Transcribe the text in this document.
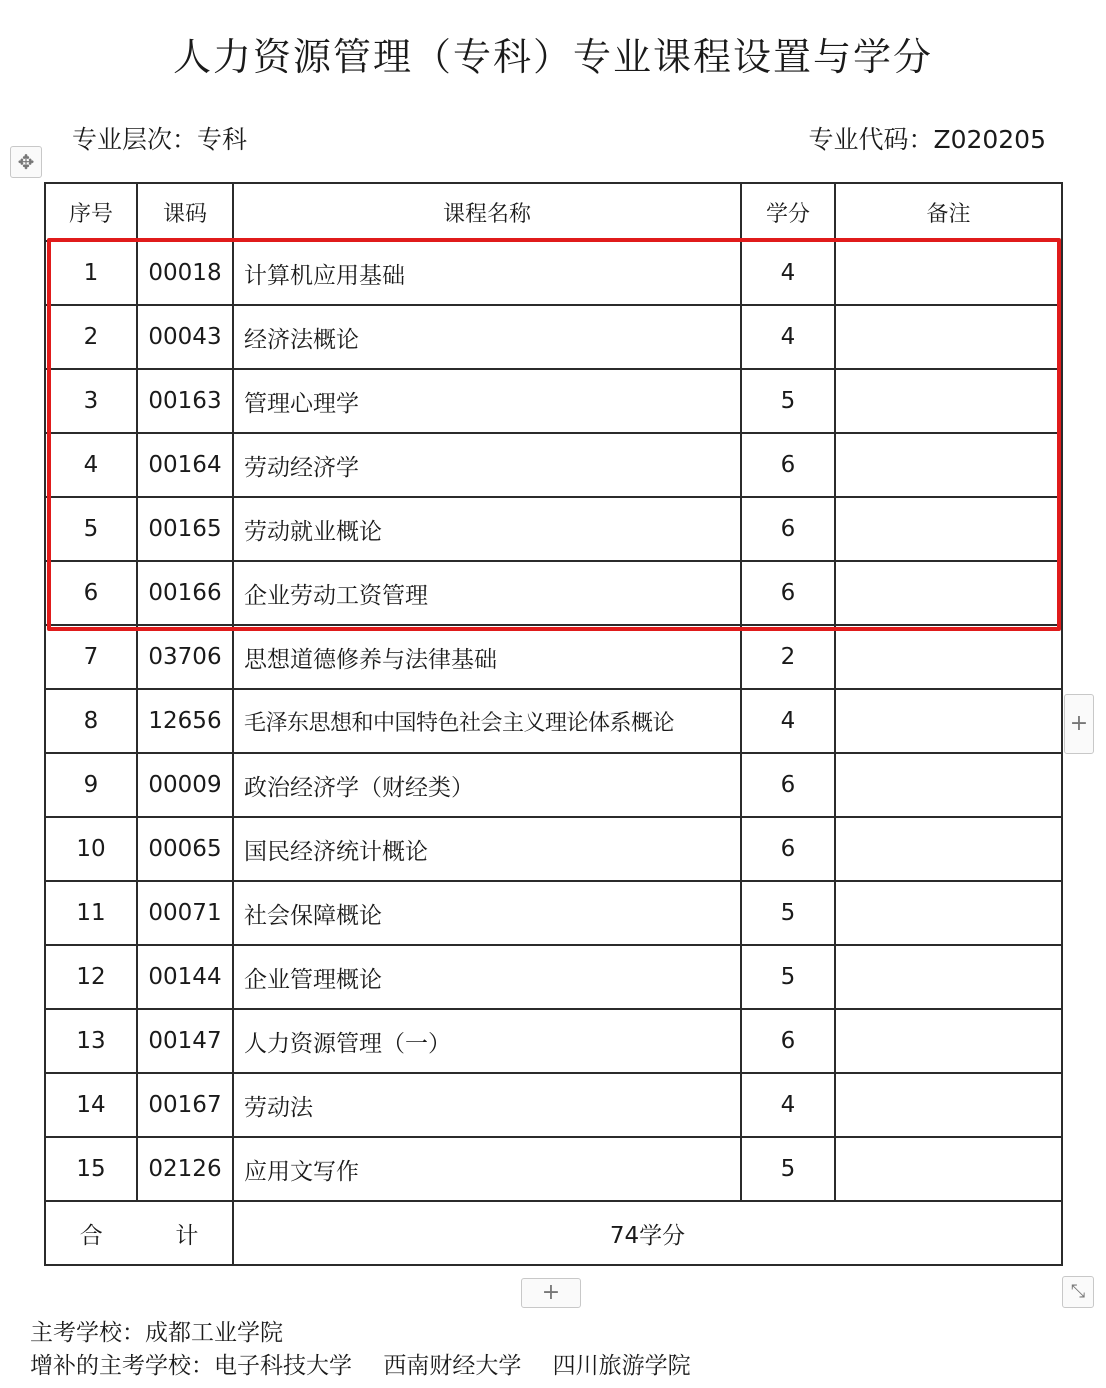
人力资源管理（专科）专业课程设置与学分
专业层次：专科	专业代码：Z020205
✥
序号	课码	课程名称	学分	备注
1	00018	计算机应用基础	4	
2	00043	经济法概论	4	
3	00163	管理心理学	5	
4	00164	劳动经济学	6	
5	00165	劳动就业概论	6	
6	00166	企业劳动工资管理	6	
7	03706	思想道德修养与法律基础	2	
8	12656	毛泽东思想和中国特色社会主义理论体系概论	4	
9	00009	政治经济学（财经类）	6	
10	00065	国民经济统计概论	6	
11	00071	社会保障概论	5	
12	00144	企业管理概论	5	
13	00147	人力资源管理（一）	6	
14	00167	劳动法	4	
15	02126	应用文写作	5	
合 计		74学分		
+
+	⤡
主考学校：成都工业学院
增补的主考学校：电子科技大学 西南财经大学 四川旅游学院
